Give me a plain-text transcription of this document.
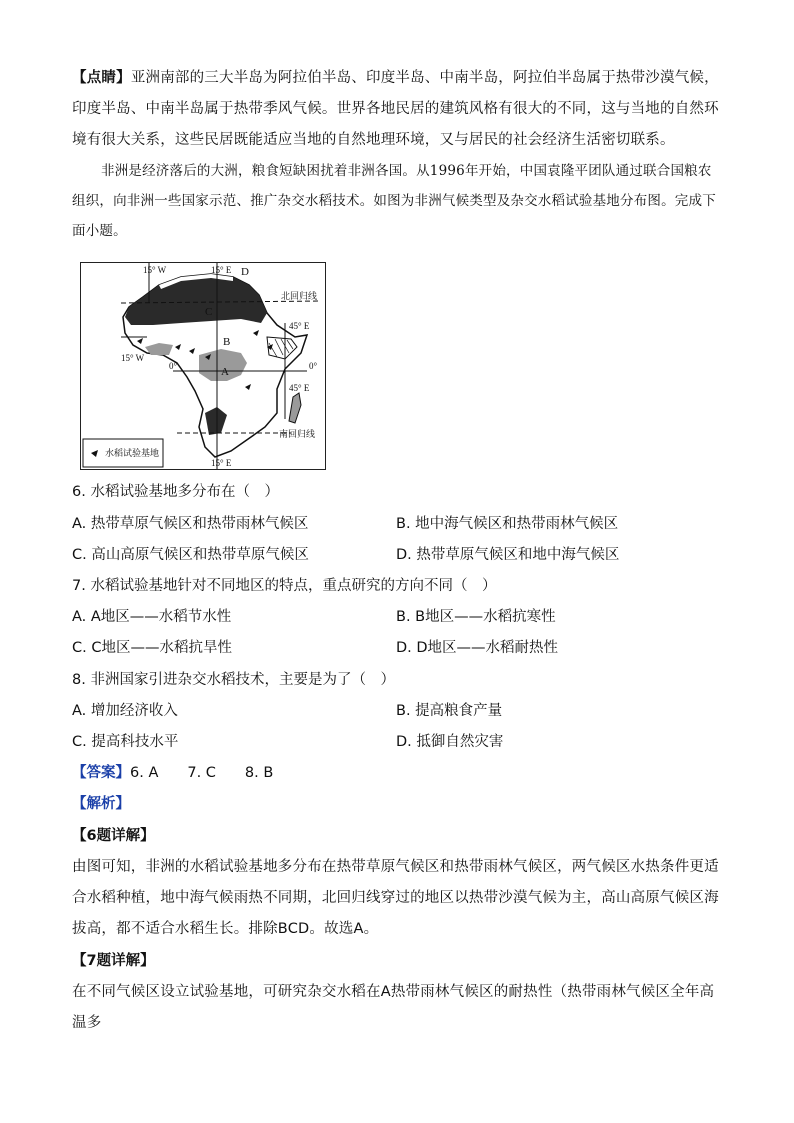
【点睛】亚洲南部的三大半岛为阿拉伯半岛、印度半岛、中南半岛，阿拉伯半岛属于热带沙漠气候，印度半岛、中南半岛属于热带季风气候。世界各地民居的建筑风格有很大的不同，这与当地的自然环境有很大关系，这些民居既能适应当地的自然地理环境，又与居民的社会经济生活密切联系。
非洲是经济落后的大洲，粮食短缺困扰着非洲各国。从1996年开始，中国袁隆平团队通过联合国粮农组织，向非洲一些国家示范、推广杂交水稻技术。如图为非洲气候类型及杂交水稻试验基地分布图。完成下面小题。
15° W	15° E D
北回归线
C
45° E
15° W
B
0°	A	0°
45° E
南回归线
15° E
水稻试验基地
6. 水稻试验基地多分布在（　）
A. 热带草原气候区和热带雨林气候区	B. 地中海气候区和热带雨林气候区
C. 高山高原气候区和热带草原气候区	D. 热带草原气候区和地中海气候区
7. 水稻试验基地针对不同地区的特点，重点研究的方向不同（　）
A. A地区——水稻节水性	B. B地区——水稻抗寒性
C. C地区——水稻抗旱性	D. D地区——水稻耐热性
8. 非洲国家引进杂交水稻技术，主要是为了（　）
A. 增加经济收入	B. 提高粮食产量
C. 提高科技水平	D. 抵御自然灾害
【答案】6. A　　7. C　　8. B
【解析】
【6题详解】
由图可知，非洲的水稻试验基地多分布在热带草原气候区和热带雨林气候区，两气候区水热条件更适合水稻种植，地中海气候雨热不同期，北回归线穿过的地区以热带沙漠气候为主，高山高原气候区海拔高，都不适合水稻生长。排除BCD。故选A。
【7题详解】
在不同气候区设立试验基地，可研究杂交水稻在A热带雨林气候区的耐热性（热带雨林气候区全年高温多
